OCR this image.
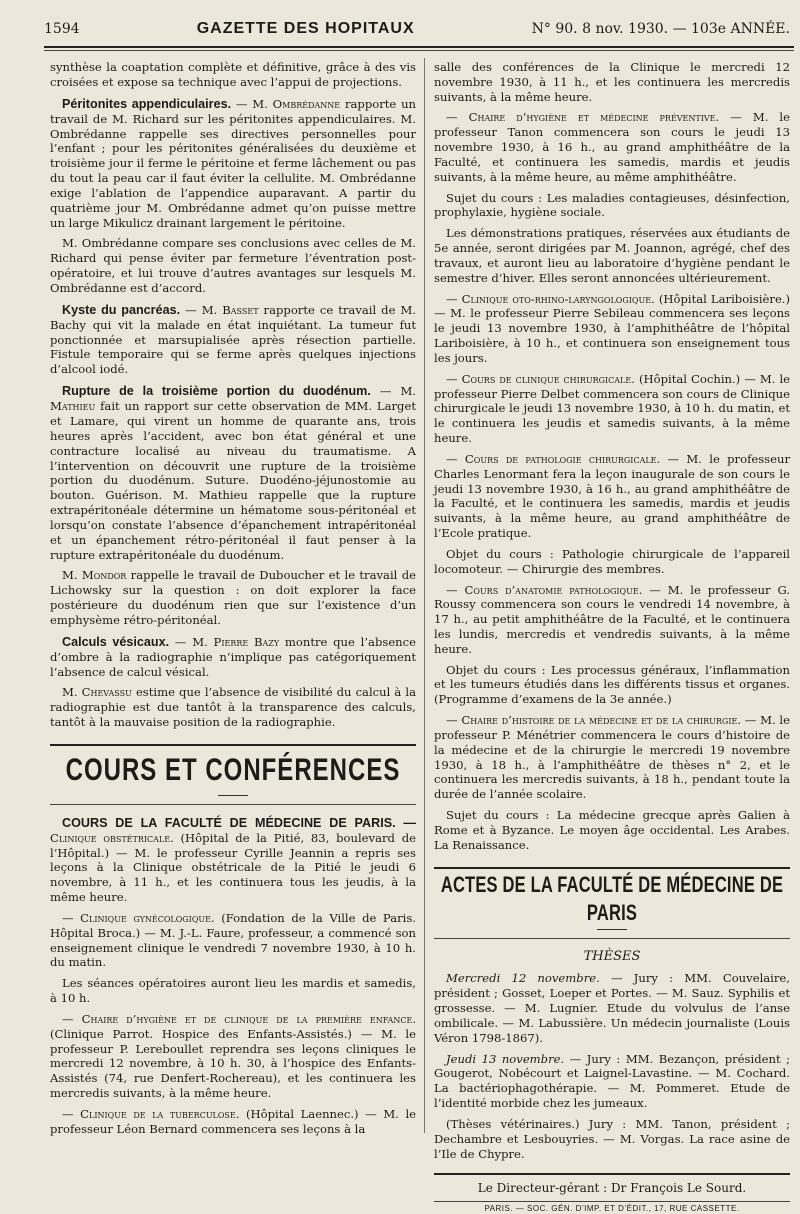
1594	GAZETTE DES HOPITAUX	N° 90. 8 nov. 1930. — 103e ANNÉE.

synthèse la coaptation complète et définitive, grâce à des vis croisées et expose sa technique avec l’appui de projections.

Péritonites appendiculaires. — M. Ombrédanne rapporte un travail de M. Richard sur les péritonites appendiculaires. M. Ombrédanne rappelle ses directives personnelles pour l’enfant ; pour les péritonites généralisées du deuxième et troisième jour il ferme le péritoine et ferme lâchement ou pas du tout la peau car il faut éviter la cellulite. M. Ombrédanne exige l’ablation de l’appendice auparavant. A partir du quatrième jour M. Ombrédanne admet qu’on puisse mettre un large Mikulicz drainant largement le péritoine.

M. Ombrédanne compare ses conclusions avec celles de M. Richard qui pense éviter par fermeture l’éventration post-opératoire, et lui trouve d’autres avantages sur lesquels M. Ombrédanne est d’accord.

Kyste du pancréas. — M. Basset rapporte ce travail de M. Bachy qui vit la malade en état inquiétant. La tumeur fut ponctionnée et marsupialisée après résection partielle. Fistule temporaire qui se ferme après quelques injections d’alcool iodé.

Rupture de la troisième portion du duodénum. — M. Mathieu fait un rapport sur cette observation de MM. Larget et Lamare, qui virent un homme de quarante ans, trois heures après l’accident, avec bon état général et une contracture localisé au niveau du traumatisme. A l’intervention on découvrit une rupture de la troisième portion du duodénum. Suture. Duodéno-jéjunostomie au bouton. Guérison. M. Mathieu rappelle que la rupture extrapéritonéale détermine un hématome sous-péritonéal et lorsqu’on constate l’absence d’épanchement intrapéritonéal et un épanchement rétro-péritonéal il faut penser à la rupture extrapéritonéale du duodénum.

M. Mondor rappelle le travail de Duboucher et le travail de Lichowsky sur la question : on doit explorer la face postérieure du duodénum rien que sur l’existence d’un emphysème rétro-péritonéal.

Calculs vésicaux. — M. Pierre Bazy montre que l’absence d’ombre à la radiographie n’implique pas catégoriquement l’absence de calcul vésical.

M. Chevassu estime que l’absence de visibilité du calcul à la radiographie est due tantôt à la transparence des calculs, tantôt à la mauvaise position de la radiographie.

COURS ET CONFÉRENCES

COURS DE LA FACULTÉ DE MÉDECINE DE PARIS. — Clinique obstétricale. (Hôpital de la Pitié, 83, boulevard de l’Hôpital.) — M. le professeur Cyrille Jeannin a repris ses leçons à la Clinique obstétricale de la Pitié le jeudi 6 novembre, à 11 h., et les continuera tous les jeudis, à la même heure.

— Clinique gynécologique. (Fondation de la Ville de Paris. Hôpital Broca.) — M. J.-L. Faure, professeur, a commencé son enseignement clinique le vendredi 7 novembre 1930, à 10 h. du matin.

Les séances opératoires auront lieu les mardis et samedis, à 10 h.

— Chaire d’hygiène et de clinique de la première enfance. (Clinique Parrot. Hospice des Enfants-Assistés.) — M. le professeur P. Lereboullet reprendra ses leçons cliniques le mercredi 12 novembre, à 10 h. 30, à l’hospice des Enfants-Assistés (74, rue Denfert-Rochereau), et les continuera les mercredis suivants, à la même heure.

— Clinique de la tuberculose. (Hôpital Laennec.) — M. le professeur Léon Bernard commencera ses leçons à la

salle des conférences de la Clinique le mercredi 12 novembre 1930, à 11 h., et les continuera les mercredis suivants, à la même heure.

— Chaire d’hygiène et médecine préventive. — M. le professeur Tanon commencera son cours le jeudi 13 novembre 1930, à 16 h., au grand amphithéâtre de la Faculté, et continuera les samedis, mardis et jeudis suivants, à la même heure, au même amphithéâtre.

Sujet du cours : Les maladies contagieuses, désinfection, prophylaxie, hygiène sociale.

Les démonstrations pratiques, réservées aux étudiants de 5e année, seront dirigées par M. Joannon, agrégé, chef des travaux, et auront lieu au laboratoire d’hygiène pendant le semestre d’hiver. Elles seront annoncées ultérieurement.

— Clinique oto-rhino-laryngologique. (Hôpital Lariboisière.) — M. le professeur Pierre Sebileau commencera ses leçons le jeudi 13 novembre 1930, à l’amphithéâtre de l’hôpital Lariboisière, à 10 h., et continuera son enseignement tous les jours.

— Cours de clinique chirurgicale. (Hôpital Cochin.) — M. le professeur Pierre Delbet commencera son cours de Clinique chirurgicale le jeudi 13 novembre 1930, à 10 h. du matin, et le continuera les jeudis et samedis suivants, à la même heure.

— Cours de pathologie chirurgicale. — M. le professeur Charles Lenormant fera la leçon inaugurale de son cours le jeudi 13 novembre 1930, à 16 h., au grand amphithéâtre de la Faculté, et le continuera les samedis, mardis et jeudis suivants, à la même heure, au grand amphithéâtre de l’Ecole pratique.

Objet du cours : Pathologie chirurgicale de l’appareil locomoteur. — Chirurgie des membres.

— Cours d’anatomie pathologique. — M. le professeur G. Roussy commencera son cours le vendredi 14 novembre, à 17 h., au petit amphithéâtre de la Faculté, et le continuera les lundis, mercredis et vendredis suivants, à la même heure.

Objet du cours : Les processus généraux, l’inflammation et les tumeurs étudiés dans les différents tissus et organes. (Programme d’examens de la 3e année.)

— Chaire d’histoire de la médecine et de la chirurgie. — M. le professeur P. Ménétrier commencera le cours d’histoire de la médecine et de la chirurgie le mercredi 19 novembre 1930, à 18 h., à l’amphithéâtre de thèses n° 2, et le continuera les mercredis suivants, à 18 h., pendant toute la durée de l’année scolaire.

Sujet du cours : La médecine grecque après Galien à Rome et à Byzance. Le moyen âge occidental. Les Arabes. La Renaissance.

ACTES DE LA FACULTÉ DE MÉDECINE DE PARIS
THÈSES

Mercredi 12 novembre. — Jury : MM. Couvelaire, président ; Gosset, Loeper et Portes. — M. Sauz. Syphilis et grossesse. — M. Lugnier. Etude du volvulus de l’anse ombilicale. — M. Labussière. Un médecin journaliste (Louis Véron 1798-1867).

Jeudi 13 novembre. — Jury : MM. Bezançon, président ; Gougerot, Nobécourt et Laignel-Lavastine. — M. Cochard. La bactériophagothérapie. — M. Pommeret. Etude de l’identité morbide chez les jumeaux.

(Thèses vétérinaires.) Jury : MM. Tanon, président ; Dechambre et Lesbouyries. — M. Vorgas. La race asine de l’Ile de Chypre.

Le Directeur-gérant : Dr François Le Sourd.
PARIS. — SOC. GÉN. D’IMP. ET D’ÉDIT., 17, RUE CASSETTE.
